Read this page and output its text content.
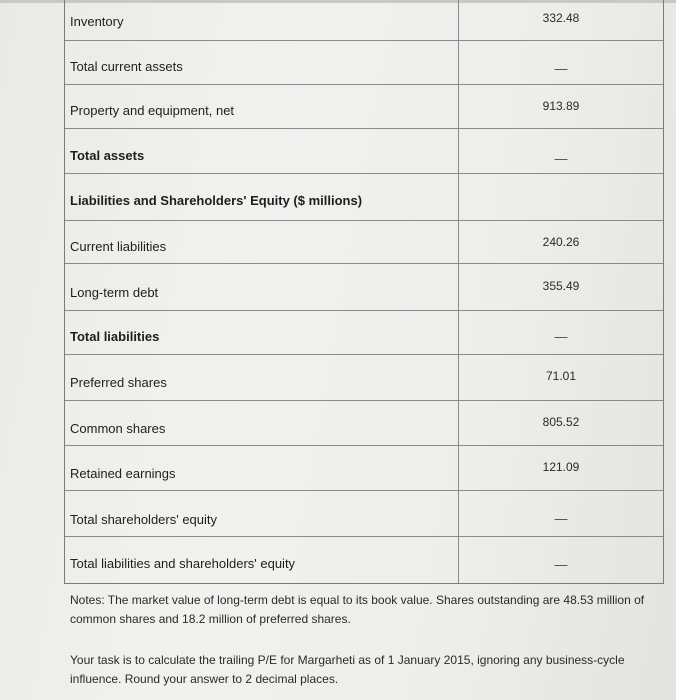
Inventory	332.48
Total current assets	—
Property and equipment, net	913.89
Total assets	—
Liabilities and Shareholders' Equity ($ millions)
Current liabilities	240.26
Long-term debt	355.49
Total liabilities	—
Preferred shares	71.01
Common shares	805.52
Retained earnings	121.09
Total shareholders' equity	—
Total liabilities and shareholders' equity	—

Notes: The market value of long-term debt is equal to its book value. Shares outstanding are 48.53 million of common shares and 18.2 million of preferred shares.

Your task is to calculate the trailing P/E for Margarheti as of 1 January 2015, ignoring any business-cycle influence. Round your answer to 2 decimal places.
